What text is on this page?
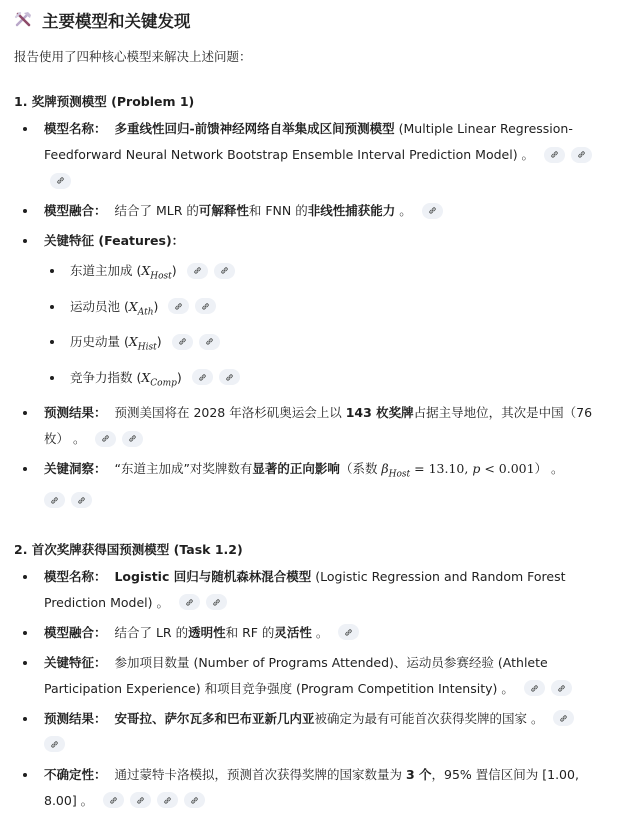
主要模型和关键发现
报告使用了四种核心模型来解决上述问题：
1. 奖牌预测模型 (Problem 1)
模型名称： 多重线性回归-前馈神经网络自举集成区间预测模型 (Multiple Linear Regression-Feedforward Neural Network Bootstrap Ensemble Interval Prediction Model) 。
模型融合： 结合了 MLR 的可解释性和 FNN 的非线性捕获能力 。
关键特征 (Features)：
东道主加成 $(X_{Host})$
运动员池 $(X_{Ath})$
历史动量 $(X_{Hist})$
竞争力指数 $(X_{Comp})$
预测结果： 预测美国将在 2028 年洛杉矶奥运会上以 143 枚奖牌占据主导地位，其次是中国（76 枚） 。
关键洞察： “东道主加成”对奖牌数有显著的正向影响（系数 $\beta_{Host} = 13.10$, p < 0.001） 。

2. 首次奖牌获得国预测模型 (Task 1.2)
模型名称： Logistic 回归与随机森林混合模型 (Logistic Regression and Random Forest Prediction Model) 。
模型融合： 结合了 LR 的透明性和 RF 的灵活性 。
关键特征： 参加项目数量 (Number of Programs Attended)、运动员参赛经验 (Athlete Participation Experience) 和项目竞争强度 (Program Competition Intensity) 。
预测结果： 安哥拉、萨尔瓦多和巴布亚新几内亚被确定为最有可能首次获得奖牌的国家 。

不确定性： 通过蒙特卡洛模拟，预测首次获得奖牌的国家数量为 3 个，95% 置信区间为 [1.00, 8.00] 。
